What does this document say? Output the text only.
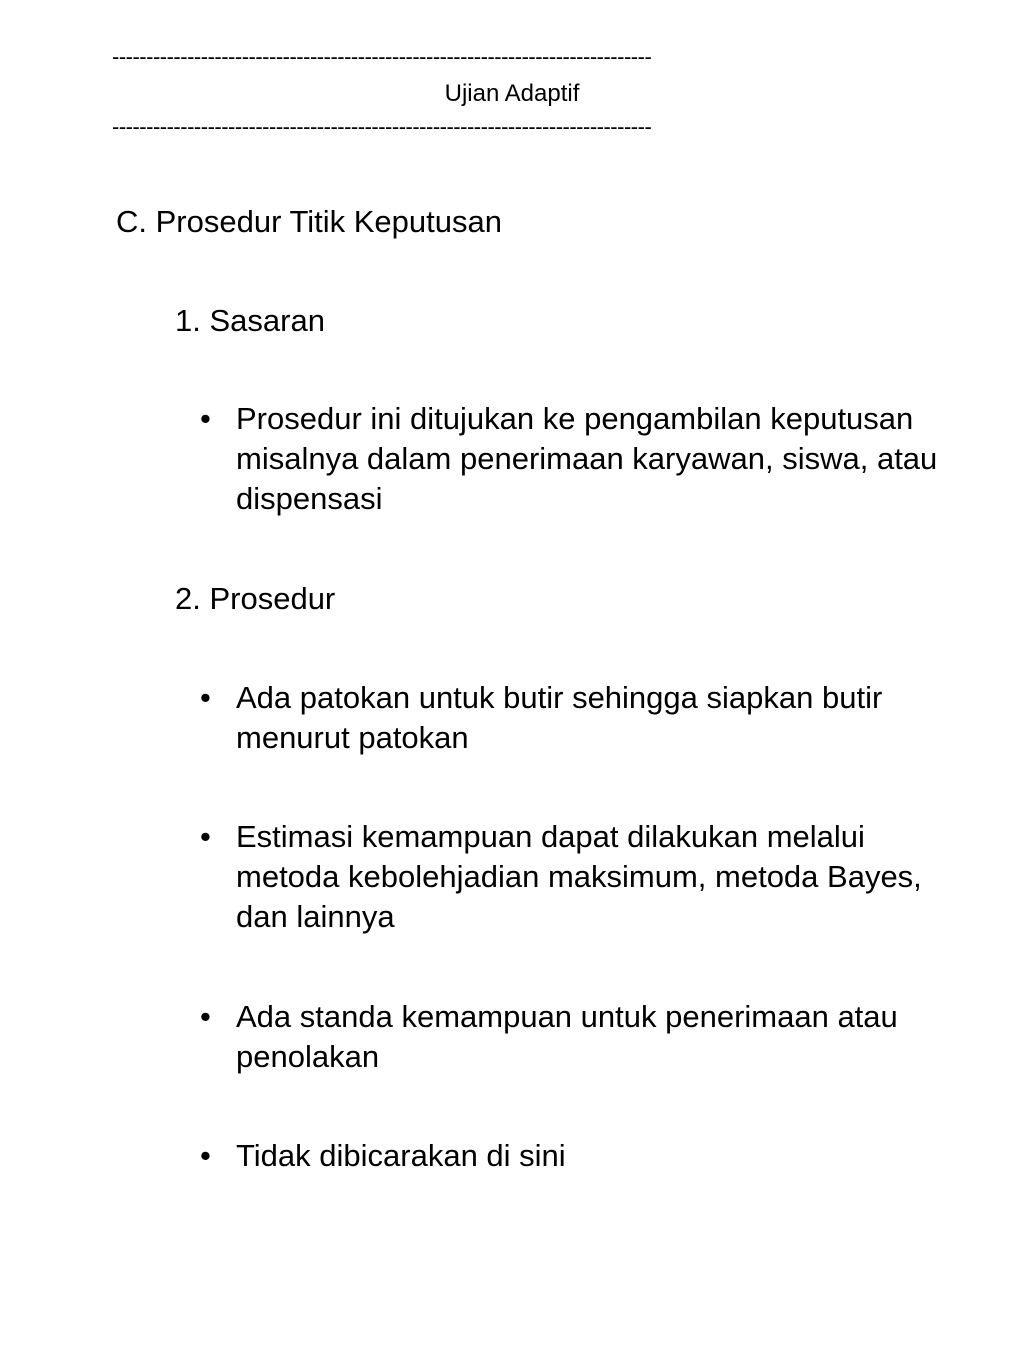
-------------------------------------------------------------------------------
Ujian Adaptif
-------------------------------------------------------------------------------
C. Prosedur Titik Keputusan
1. Sasaran
• Prosedur ini ditujukan ke pengambilan keputusan misalnya dalam penerimaan karyawan, siswa, atau dispensasi
2. Prosedur
• Ada patokan untuk butir sehingga siapkan butir menurut patokan
• Estimasi kemampuan dapat dilakukan melalui metoda kebolehjadian maksimum, metoda Bayes, dan lainnya
• Ada standa kemampuan untuk penerimaan atau penolakan
• Tidak dibicarakan di sini
